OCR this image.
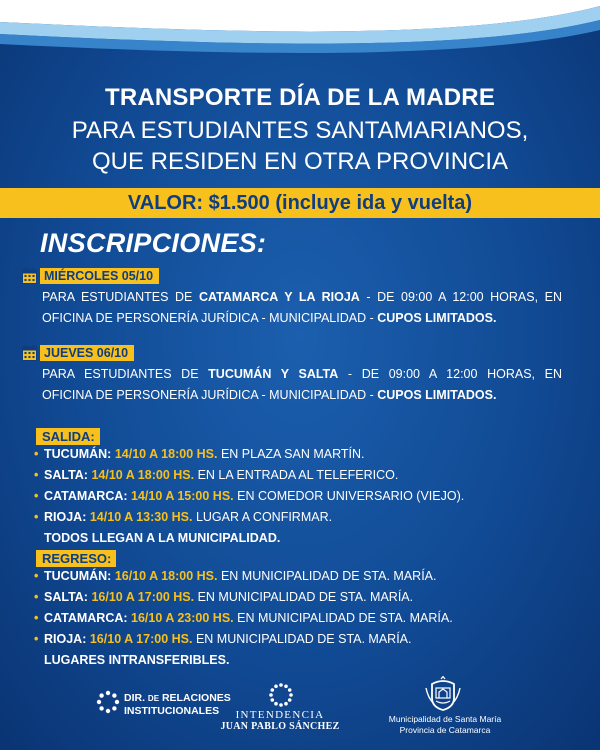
TRANSPORTE DÍA DE LA MADRE
PARA ESTUDIANTES SANTAMARIANOS,
QUE RESIDEN EN OTRA PROVINCIA
VALOR: $1.500 (incluye ida y vuelta)
INSCRIPCIONES:
MIÉRCOLES 05/10
PARA ESTUDIANTES DE CATAMARCA Y LA RIOJA - DE 09:00 A 12:00 HORAS, EN
OFICINA DE PERSONERÍA JURÍDICA - MUNICIPALIDAD - CUPOS LIMITADOS.
JUEVES 06/10
PARA ESTUDIANTES DE TUCUMÁN Y SALTA - DE 09:00 A 12:00 HORAS, EN
OFICINA DE PERSONERÍA JURÍDICA - MUNICIPALIDAD - CUPOS LIMITADOS.
SALIDA:
• TUCUMÁN: 14/10 A 18:00 HS. EN PLAZA SAN MARTÍN.
• SALTA: 14/10 A 18:00 HS. EN LA ENTRADA AL TELEFERICO.
• CATAMARCA: 14/10 A 15:00 HS. EN COMEDOR UNIVERSARIO (VIEJO).
• RIOJA: 14/10 A 13:30 HS. LUGAR A CONFIRMAR.
TODOS LLEGAN A LA MUNICIPALIDAD.
REGRESO:
• TUCUMÁN: 16/10 A 18:00 HS. EN MUNICIPALIDAD DE STA. MARÍA.
• SALTA: 16/10 A 17:00 HS. EN MUNICIPALIDAD DE STA. MARÍA.
• CATAMARCA: 16/10 A 23:00 HS. EN MUNICIPALIDAD DE STA. MARÍA.
• RIOJA: 16/10 A 17:00 HS. EN MUNICIPALIDAD DE STA. MARÍA.
LUGARES INTRANSFERIBLES.
DIR. DE RELACIONES
INSTITUCIONALES	INTENDENCIA
JUAN PABLO SÁNCHEZ
Municipalidad de Santa María
Provincia de Catamarca
